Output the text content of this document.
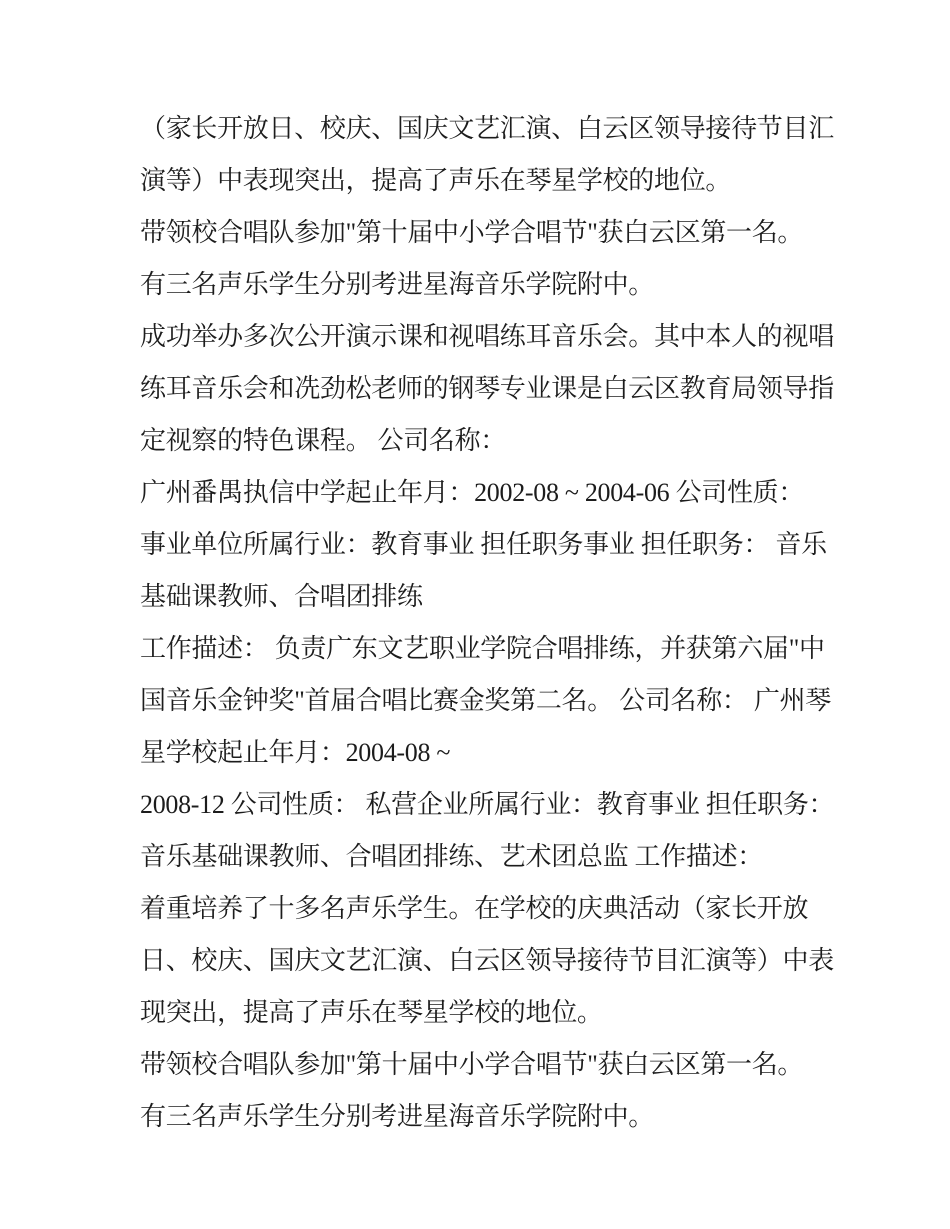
（家长开放日、校庆、国庆文艺汇演、白云区领导接待节目汇
演等）中表现突出，提高了声乐在琴星学校的地位。
带领校合唱队参加"第十届中小学合唱节"获白云区第一名。
有三名声乐学生分别考进星海音乐学院附中。
成功举办多次公开演示课和视唱练耳音乐会。其中本人的视唱
练耳音乐会和冼劲松老师的钢琴专业课是白云区教育局领导指
定视察的特色课程。 公司名称：
广州番禺执信中学起止年月：2002-08 ~ 2004-06 公司性质：
事业单位所属行业：教育事业 担任职务事业 担任职务： 音乐
基础课教师、合唱团排练
工作描述： 负责广东文艺职业学院合唱排练，并获第六届"中
国音乐金钟奖"首届合唱比赛金奖第二名。 公司名称： 广州琴
星学校起止年月：2004-08 ~
2008-12 公司性质： 私营企业所属行业：教育事业 担任职务：
音乐基础课教师、合唱团排练、艺术团总监 工作描述：
着重培养了十多名声乐学生。在学校的庆典活动（家长开放
日、校庆、国庆文艺汇演、白云区领导接待节目汇演等）中表
现突出，提高了声乐在琴星学校的地位。
带领校合唱队参加"第十届中小学合唱节"获白云区第一名。
有三名声乐学生分别考进星海音乐学院附中。
